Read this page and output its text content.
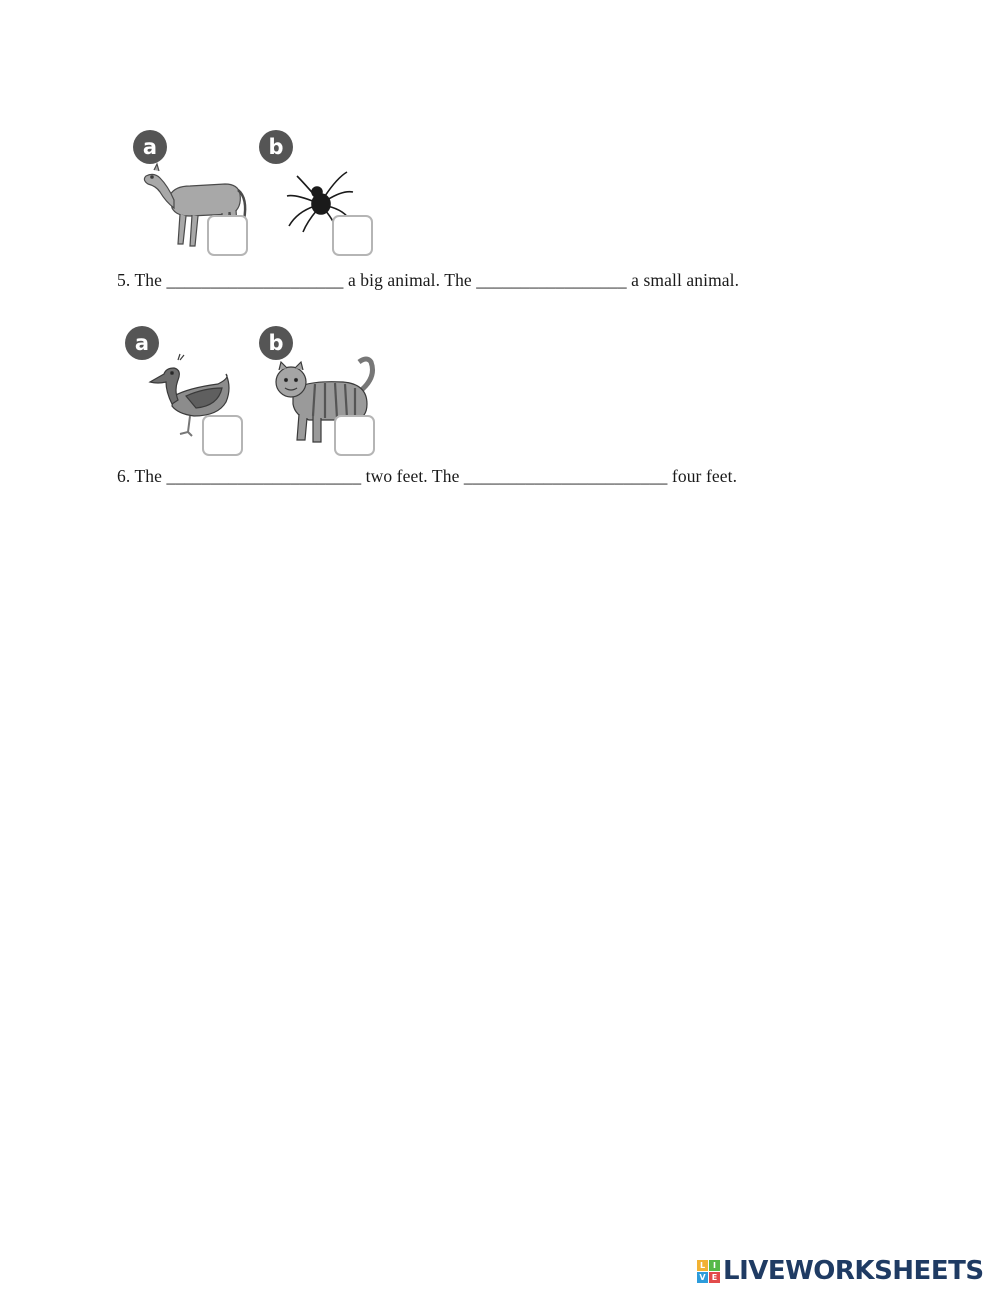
a	b
5. The ____________________ a big animal. The _________________ a small animal.
a	b
6. The ______________________ two feet. The _______________________ four feet.
L I
V E LIVEWORKSHEETS
